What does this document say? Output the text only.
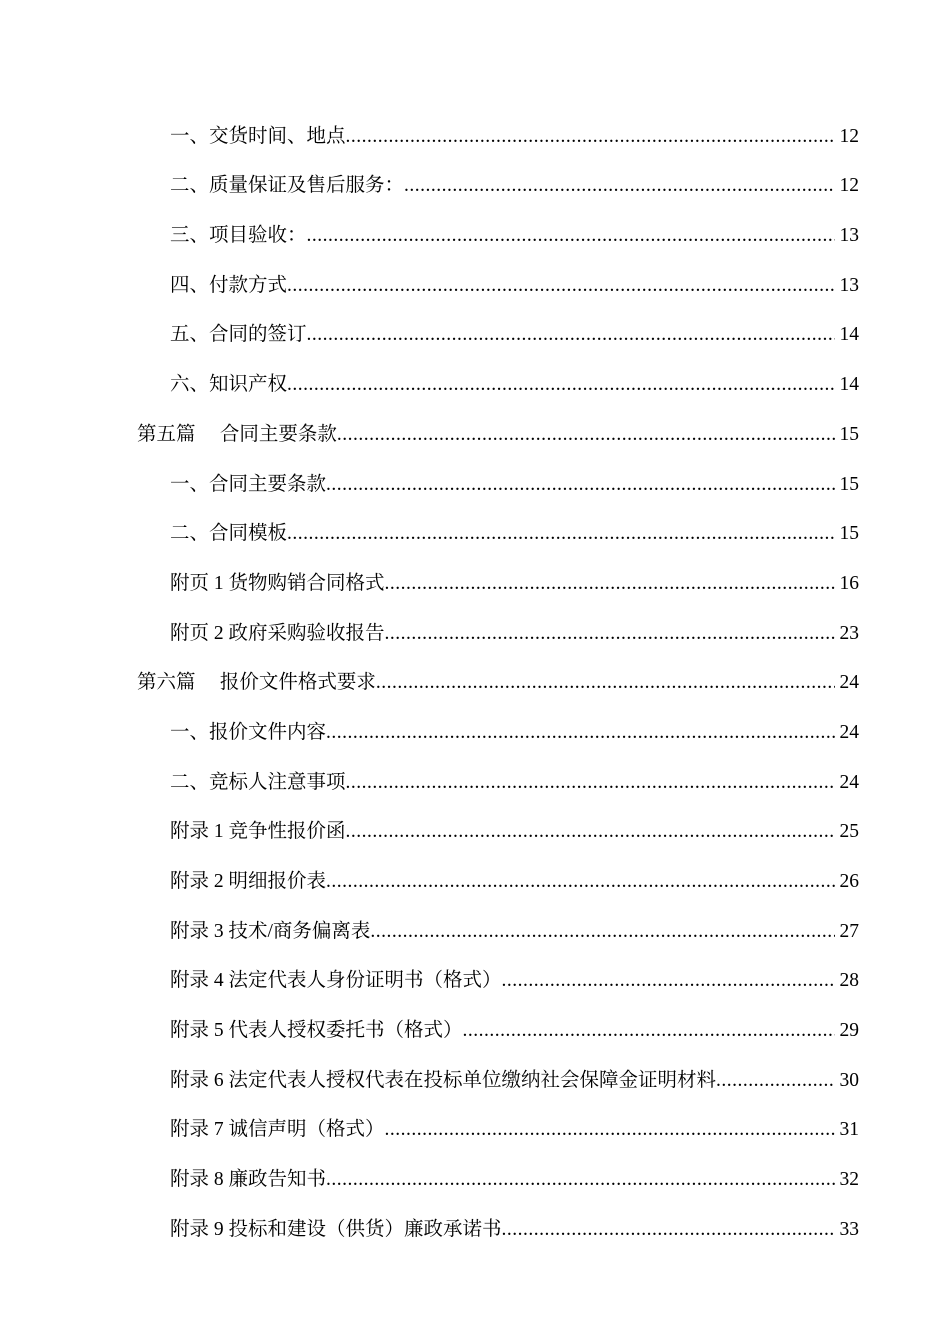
一、交货时间、地点 .....	12
二、质量保证及售后服务： .....	12
三、项目验收： .....	13
四、付款方式 .....	13
五、合同的签订 .....	14
六、知识产权 .....	14
第五篇　 合同主要条款 .....	15
一、合同主要条款 .....	15
二、合同模板 .....	15
附页 1 货物购销合同格式 .....	16
附页 2 政府采购验收报告 .....	23
第六篇　 报价文件格式要求 .....	24
一、报价文件内容 .....	24
二、竞标人注意事项 .....	24
附录 1 竞争性报价函 .....	25
附录 2 明细报价表 .....	26
附录 3 技术/商务偏离表 .....	27
附录 4 法定代表人身份证明书（格式） .....	28
附录 5 代表人授权委托书（格式） .....	29
附录 6 法定代表人授权代表在投标单位缴纳社会保障金证明材料 .....	30
附录 7 诚信声明（格式） .....	31
附录 8 廉政告知书 .....	32
附录 9 投标和建设（供货）廉政承诺书 .....	33
